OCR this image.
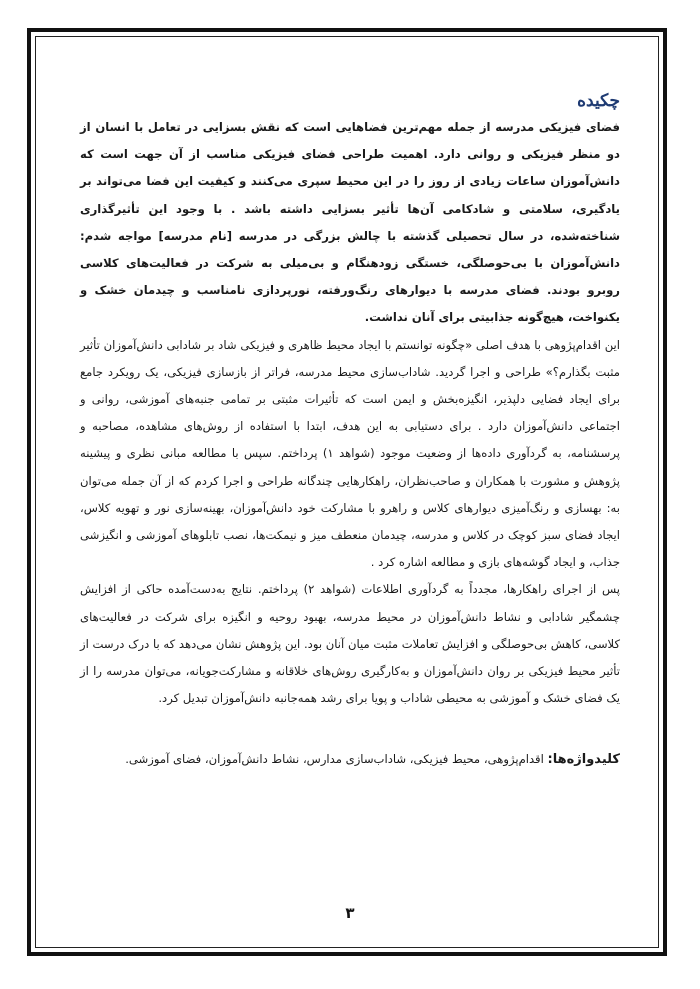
چکیده

فضای فیزیکی مدرسه از جمله مهم‌ترین فضاهایی است که نقش بسزایی در تعامل با انسان از دو منظر فیزیکی و روانی دارد. اهمیت طراحی فضای فیزیکی مناسب از آن جهت است که دانش‌آموزان ساعات زیادی از روز را در این محیط سپری می‌کنند و کیفیت این فضا می‌تواند بر یادگیری، سلامتی و شادکامی آن‌ها تأثیر بسزایی داشته باشد . با وجود این تأثیرگذاری شناخته‌شده، در سال تحصیلی گذشته با چالش بزرگی در مدرسه [نام مدرسه] مواجه شدم: دانش‌آموزان با بی‌حوصلگی، خستگی زودهنگام و بی‌میلی به شرکت در فعالیت‌های کلاسی روبرو بودند. فضای مدرسه با دیوارهای رنگ‌ورفته، نورپردازی نامناسب و چیدمان خشک و یکنواخت، هیچ‌گونه جذابیتی برای آنان نداشت.

این اقدام‌پژوهی با هدف اصلی «چگونه توانستم با ایجاد محیط ظاهری و فیزیکی شاد بر شادابی دانش‌آموزان تأثیر مثبت بگذارم؟» طراحی و اجرا گردید. شاداب‌سازی محیط مدرسه، فراتر از بازسازی فیزیکی، یک رویکرد جامع برای ایجاد فضایی دلپذیر، انگیزه‌بخش و ایمن است که تأثیرات مثبتی بر تمامی جنبه‌های آموزشی، روانی و اجتماعی دانش‌آموزان دارد . برای دستیابی به این هدف، ابتدا با استفاده از روش‌های مشاهده، مصاحبه و پرسشنامه، به گردآوری داده‌ها از وضعیت موجود (شواهد ۱) پرداختم. سپس با مطالعه مبانی نظری و پیشینه پژوهش و مشورت با همکاران و صاحب‌نظران، راهکارهایی چندگانه طراحی و اجرا کردم که از آن جمله می‌توان به: بهسازی و رنگ‌آمیزی دیوارهای کلاس و راهرو با مشارکت خود دانش‌آموزان، بهینه‌سازی نور و تهویه کلاس، ایجاد فضای سبز کوچک در کلاس و مدرسه، چیدمان منعطف میز و نیمکت‌ها، نصب تابلوهای آموزشی و انگیزشی جذاب، و ایجاد گوشه‌های بازی و مطالعه اشاره کرد .

پس از اجرای راهکارها، مجدداً به گردآوری اطلاعات (شواهد ۲) پرداختم. نتایج به‌دست‌آمده حاکی از افزایش چشمگیر شادابی و نشاط دانش‌آموزان در محیط مدرسه، بهبود روحیه و انگیزه برای شرکت در فعالیت‌های کلاسی، کاهش بی‌حوصلگی و افزایش تعاملات مثبت میان آنان بود. این پژوهش نشان می‌دهد که با درک درست از تأثیر محیط فیزیکی بر روان دانش‌آموزان و به‌کارگیری روش‌های خلاقانه و مشارکت‌جویانه، می‌توان مدرسه را از یک فضای خشک و آموزشی به محیطی شاداب و پویا برای رشد همه‌جانبه دانش‌آموزان تبدیل کرد.

کلیدواژه‌ها: اقدام‌پژوهی، محیط فیزیکی، شاداب‌سازی مدارس، نشاط دانش‌آموزان، فضای آموزشی.

۳
